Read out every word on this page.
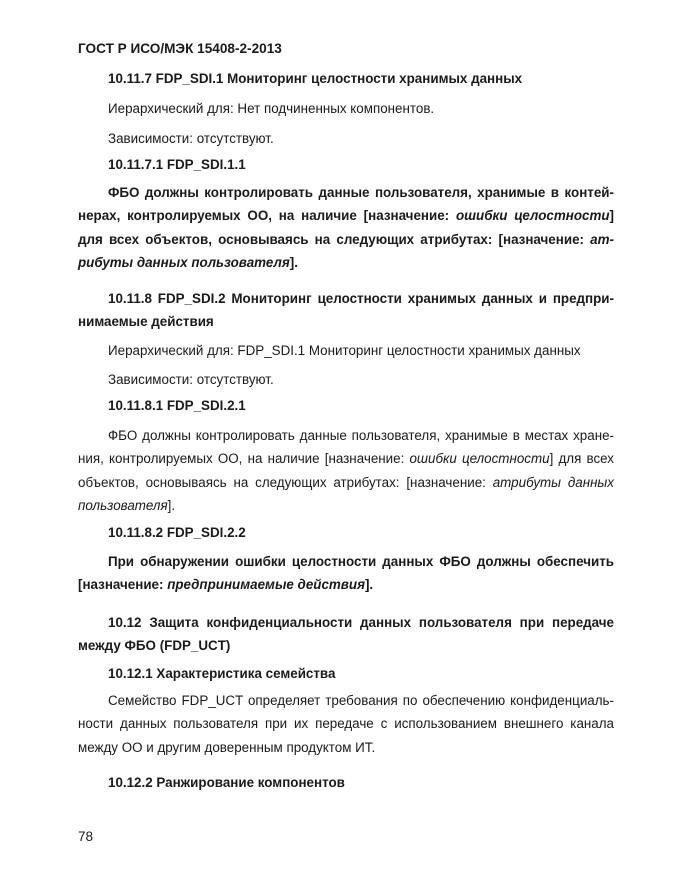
ГОСТ Р ИСО/МЭК 15408-2-2013
10.11.7 FDP_SDI.1 Мониторинг целостности хранимых данных
Иерархический для: Нет подчиненных компонентов.
Зависимости: отсутствуют.
10.11.7.1 FDP_SDI.1.1
ФБО должны контролировать данные пользователя, хранимые в контей-нерах, контролируемых ОО, на наличие [назначение: ошибки целостности] для всех объектов, основываясь на следующих атрибутах: [назначение: ат-рибуты данных пользователя].
10.11.8 FDP_SDI.2 Мониторинг целостности хранимых данных и предпри-нимаемые действия
Иерархический для: FDP_SDI.1 Мониторинг целостности хранимых данных
Зависимости: отсутствуют.
10.11.8.1 FDP_SDI.2.1
ФБО должны контролировать данные пользователя, хранимые в местах хране-ния, контролируемых ОО, на наличие [назначение: ошибки целостности] для всех объектов, основываясь на следующих атрибутах: [назначение: атрибуты данных пользователя].
10.11.8.2 FDP_SDI.2.2
При обнаружении ошибки целостности данных ФБО должны обеспечить [назначение: предпринимаемые действия].
10.12 Защита конфиденциальности данных пользователя при передаче между ФБО (FDP_UCT)
10.12.1 Характеристика семейства
Семейство FDP_UCT определяет требования по обеспечению конфиденциаль-ности данных пользователя при их передаче с использованием внешнего канала между ОО и другим доверенным продуктом ИТ.
10.12.2 Ранжирование компонентов
78
